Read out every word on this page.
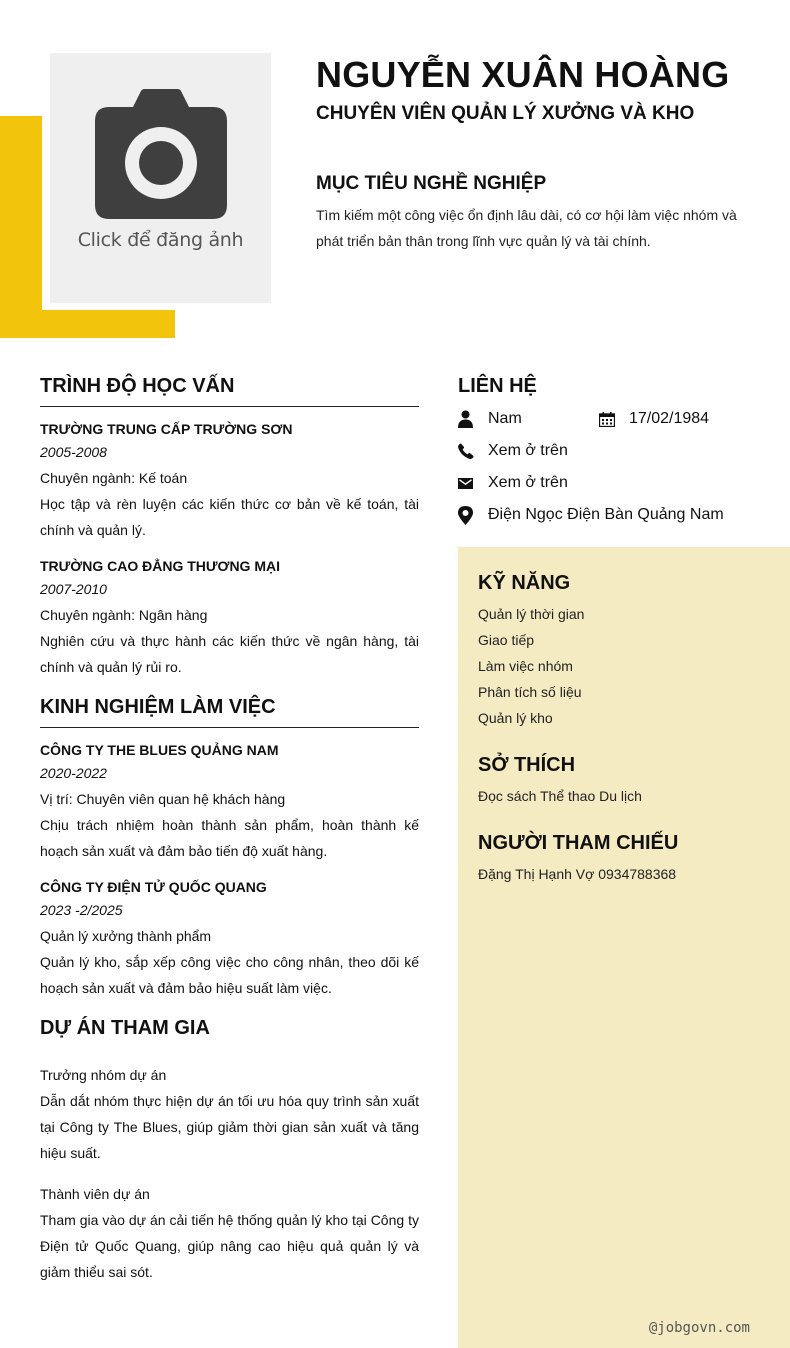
Click để đăng ảnh
NGUYỄN XUÂN HOÀNG
CHUYÊN VIÊN QUẢN LÝ XƯỞNG VÀ KHO
MỤC TIÊU NGHỀ NGHIỆP
Tìm kiếm một công việc ổn định lâu dài, có cơ hội làm việc nhóm và phát triển bản thân trong lĩnh vực quản lý và tài chính.
TRÌNH ĐỘ HỌC VẤN
TRƯỜNG TRUNG CẤP TRƯỜNG SƠN
2005-2008
Chuyên ngành: Kế toán
Học tập và rèn luyện các kiến thức cơ bản về kế toán, tài chính và quản lý.
TRƯỜNG CAO ĐẲNG THƯƠNG MẠI
2007-2010
Chuyên ngành: Ngân hàng
Nghiên cứu và thực hành các kiến thức về ngân hàng, tài chính và quản lý rủi ro.
KINH NGHIỆM LÀM VIỆC
CÔNG TY THE BLUES QUẢNG NAM
2020-2022
Vị trí: Chuyên viên quan hệ khách hàng
Chịu trách nhiệm hoàn thành sản phẩm, hoàn thành kế hoạch sản xuất và đảm bảo tiến độ xuất hàng.
CÔNG TY ĐIỆN TỬ QUỐC QUANG
2023 -2/2025
Quản lý xưởng thành phẩm
Quản lý kho, sắp xếp công việc cho công nhân, theo dõi kế hoạch sản xuất và đảm bảo hiệu suất làm việc.
DỰ ÁN THAM GIA
Trưởng nhóm dự án
Dẫn dắt nhóm thực hiện dự án tối ưu hóa quy trình sản xuất tại Công ty The Blues, giúp giảm thời gian sản xuất và tăng hiệu suất.
Thành viên dự án
Tham gia vào dự án cải tiến hệ thống quản lý kho tại Công ty Điện tử Quốc Quang, giúp nâng cao hiệu quả quản lý và giảm thiểu sai sót.
LIÊN HỆ
Nam	17/02/1984
Xem ở trên
Xem ở trên
Điện Ngọc Điện Bàn Quảng Nam
KỸ NĂNG
Quản lý thời gian
Giao tiếp
Làm việc nhóm
Phân tích số liệu
Quản lý kho
SỞ THÍCH
Đọc sách Thể thao Du lịch
NGƯỜI THAM CHIẾU
Đặng Thị Hạnh Vợ 0934788368
@jobgovn.com
